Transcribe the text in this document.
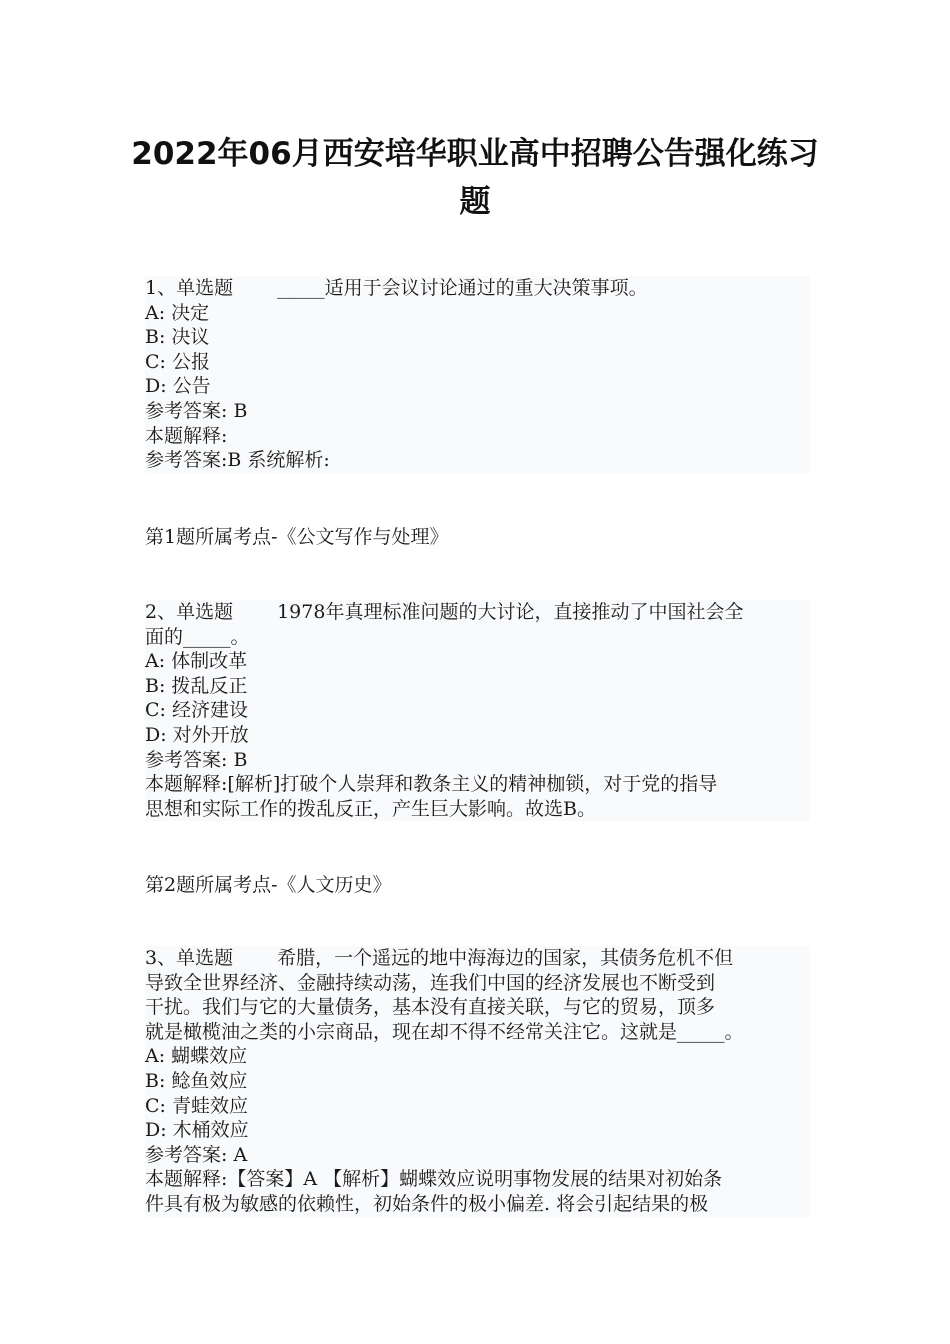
2022年06月西安培华职业高中招聘公告强化练习
题
1、单选题 _____适用于会议讨论通过的重大决策事项。
A: 决定
B: 决议
C: 公报
D: 公告
参考答案: B
本题解释:
参考答案:B 系统解析:
第1题所属考点-《公文写作与处理》
2、单选题 1978年真理标准问题的大讨论，直接推动了中国社会全
面的_____。
A: 体制改革
B: 拨乱反正
C: 经济建设
D: 对外开放
参考答案: B
本题解释:[解析]打破个人崇拜和教条主义的精神枷锁，对于党的指导
思想和实际工作的拨乱反正，产生巨大影响。故选B。
第2题所属考点-《人文历史》
3、单选题 希腊，一个遥远的地中海海边的国家，其债务危机不但
导致全世界经济、金融持续动荡，连我们中国的经济发展也不断受到
干扰。我们与它的大量债务，基本没有直接关联，与它的贸易，顶多
就是橄榄油之类的小宗商品，现在却不得不经常关注它。这就是_____。
A: 蝴蝶效应
B: 鲶鱼效应
C: 青蛙效应
D: 木桶效应
参考答案: A
本题解释:【答案】A 【解析】蝴蝶效应说明事物发展的结果对初始条
件具有极为敏感的依赖性，初始条件的极小偏差. 将会引起结果的极
